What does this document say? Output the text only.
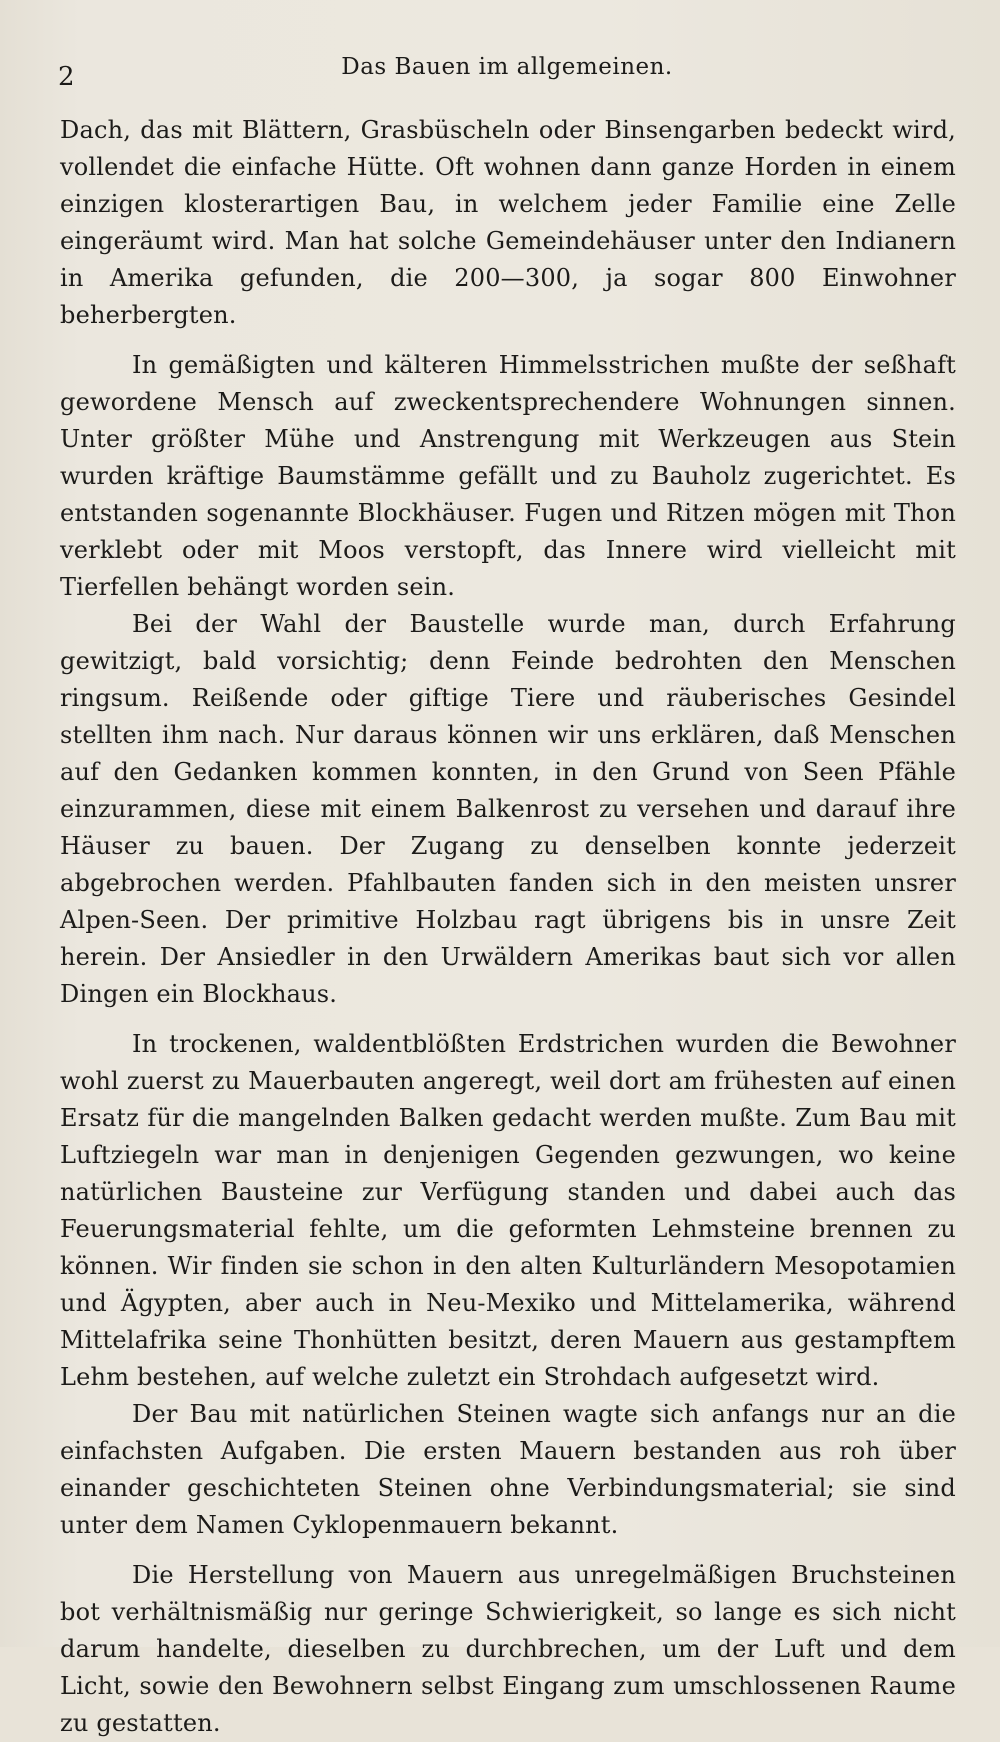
2	Das Bauen im allgemeinen.

Dach, das mit Blättern, Grasbüscheln oder Binsengarben bedeckt wird, vollendet die einfache Hütte. Oft wohnen dann ganze Horden in einem einzigen klosterartigen Bau, in welchem jeder Familie eine Zelle eingeräumt wird. Man hat solche Gemeindehäuser unter den Indianern in Amerika gefunden, die 200—300, ja sogar 800 Einwohner beherbergten.

In gemäßigten und kälteren Himmelsstrichen mußte der seßhaft gewordene Mensch auf zweckentsprechendere Wohnungen sinnen. Unter größter Mühe und Anstrengung mit Werkzeugen aus Stein wurden kräftige Baumstämme gefällt und zu Bauholz zugerichtet. Es entstanden sogenannte Blockhäuser. Fugen und Ritzen mögen mit Thon verklebt oder mit Moos verstopft, das Innere wird vielleicht mit Tierfellen behängt worden sein.

Bei der Wahl der Baustelle wurde man, durch Erfahrung gewitzigt, bald vorsichtig; denn Feinde bedrohten den Menschen ringsum. Reißende oder giftige Tiere und räuberisches Gesindel stellten ihm nach. Nur daraus können wir uns erklären, daß Menschen auf den Gedanken kommen konnten, in den Grund von Seen Pfähle einzurammen, diese mit einem Balkenrost zu versehen und darauf ihre Häuser zu bauen. Der Zugang zu denselben konnte jederzeit abgebrochen werden. Pfahlbauten fanden sich in den meisten unsrer Alpen-Seen. Der primitive Holzbau ragt übrigens bis in unsre Zeit herein. Der Ansiedler in den Urwäldern Amerikas baut sich vor allen Dingen ein Blockhaus.

In trockenen, waldentblößten Erdstrichen wurden die Bewohner wohl zuerst zu Mauerbauten angeregt, weil dort am frühesten auf einen Ersatz für die mangelnden Balken gedacht werden mußte. Zum Bau mit Luftziegeln war man in denjenigen Gegenden gezwungen, wo keine natürlichen Bausteine zur Verfügung standen und dabei auch das Feuerungsmaterial fehlte, um die geformten Lehmsteine brennen zu können. Wir finden sie schon in den alten Kulturländern Mesopotamien und Ägypten, aber auch in Neu-Mexiko und Mittelamerika, während Mittelafrika seine Thonhütten besitzt, deren Mauern aus gestampftem Lehm bestehen, auf welche zuletzt ein Strohdach aufgesetzt wird.

Der Bau mit natürlichen Steinen wagte sich anfangs nur an die einfachsten Aufgaben. Die ersten Mauern bestanden aus roh über einander geschichteten Steinen ohne Verbindungsmaterial; sie sind unter dem Namen Cyklopenmauern bekannt.

Die Herstellung von Mauern aus unregelmäßigen Bruchsteinen bot verhältnismäßig nur geringe Schwierigkeit, so lange es sich nicht darum handelte, dieselben zu durchbrechen, um der Luft und dem Licht, sowie den Bewohnern selbst Eingang zum umschlossenen Raume zu gestatten.
